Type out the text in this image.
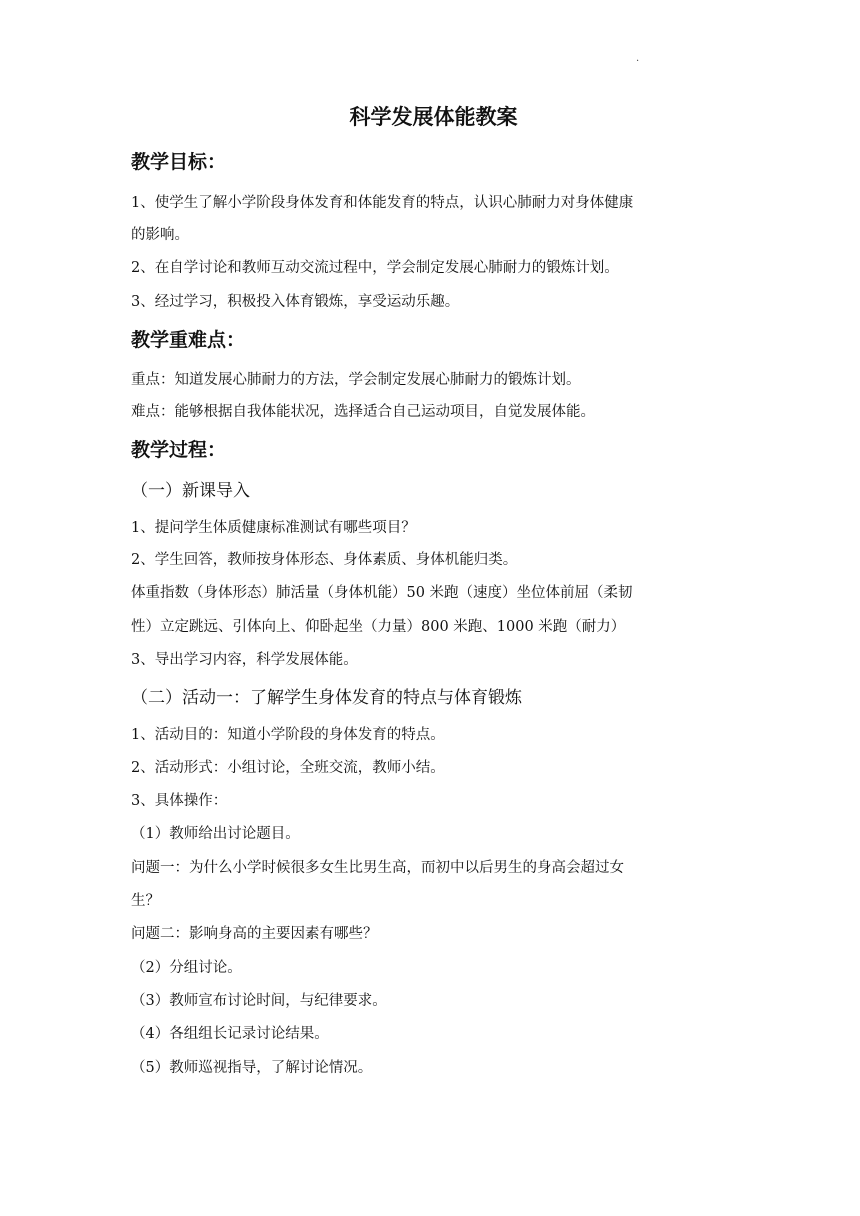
.
科学发展体能教案
教学目标：

1、使学生了解小学阶段身体发育和体能发育的特点，认识心肺耐力对身体健康

的影响。

2、在自学讨论和教师互动交流过程中，学会制定发展心肺耐力的锻炼计划。

3、经过学习，积极投入体育锻炼，享受运动乐趣。

教学重难点：

重点：知道发展心肺耐力的方法，学会制定发展心肺耐力的锻炼计划。

难点：能够根据自我体能状况，选择适合自己运动项目，自觉发展体能。

教学过程：

（一）新课导入

1、提问学生体质健康标准测试有哪些项目？

2、学生回答，教师按身体形态、身体素质、身体机能归类。

体重指数（身体形态）肺活量（身体机能）50 米跑（速度）坐位体前屈（柔韧

性）立定跳远、引体向上、仰卧起坐（力量）800 米跑、1000 米跑（耐力）

3、导出学习内容，科学发展体能。

（二）活动一：了解学生身体发育的特点与体育锻炼

1、活动目的：知道小学阶段的身体发育的特点。

2、活动形式：小组讨论，全班交流，教师小结。

3、具体操作：

（1）教师给出讨论题目。

问题一：为什么小学时候很多女生比男生高，而初中以后男生的身高会超过女

生？

问题二：影响身高的主要因素有哪些？

（2）分组讨论。

（3）教师宣布讨论时间，与纪律要求。

（4）各组组长记录讨论结果。

（5）教师巡视指导，了解讨论情况。
